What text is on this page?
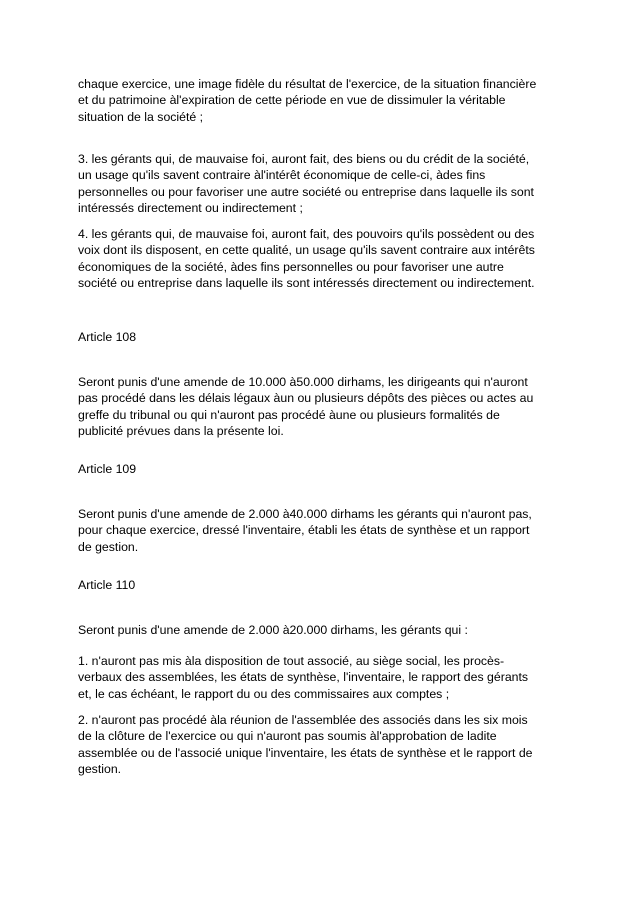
chaque exercice, une image fidèle du résultat de l'exercice, de la situation financière
et du patrimoine àl'expiration de cette période en vue de dissimuler la véritable
situation de la société ;

3. les gérants qui, de mauvaise foi, auront fait, des biens ou du crédit de la société,
un usage qu'ils savent contraire àl'intérêt économique de celle-ci, àdes fins
personnelles ou pour favoriser une autre société ou entreprise dans laquelle ils sont
intéressés directement ou indirectement ;

4. les gérants qui, de mauvaise foi, auront fait, des pouvoirs qu'ils possèdent ou des
voix dont ils disposent, en cette qualité, un usage qu'ils savent contraire aux intérêts
économiques de la société, àdes fins personnelles ou pour favoriser une autre
société ou entreprise dans laquelle ils sont intéressés directement ou indirectement.

Article 108

Seront punis d'une amende de 10.000 à50.000 dirhams, les dirigeants qui n'auront
pas procédé dans les délais légaux àun ou plusieurs dépôts des pièces ou actes au
greffe du tribunal ou qui n'auront pas procédé àune ou plusieurs formalités de
publicité prévues dans la présente loi.

Article 109

Seront punis d'une amende de 2.000 à40.000 dirhams les gérants qui n'auront pas,
pour chaque exercice, dressé l'inventaire, établi les états de synthèse et un rapport
de gestion.

Article 110

Seront punis d'une amende de 2.000 à20.000 dirhams, les gérants qui :

1. n'auront pas mis àla disposition de tout associé, au siège social, les procès-
verbaux des assemblées, les états de synthèse, l'inventaire, le rapport des gérants
et, le cas échéant, le rapport du ou des commissaires aux comptes ;

2. n'auront pas procédé àla réunion de l'assemblée des associés dans les six mois
de la clôture de l'exercice ou qui n'auront pas soumis àl'approbation de ladite
assemblée ou de l'associé unique l'inventaire, les états de synthèse et le rapport de
gestion.
